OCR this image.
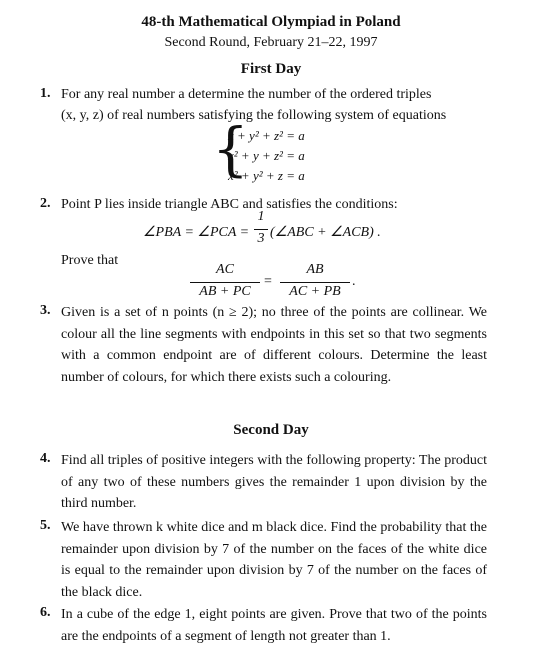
48-th Mathematical Olympiad in Poland
Second Round, February 21–22, 1997
First Day
1. For any real number a determine the number of the ordered triples
(x, y, z) of real numbers satisfying the following system of equations
{
x + y² + z² = a
x² + y + z² = a
x² + y² + z = a
2. Point P lies inside triangle ABC and satisfies the conditions:
∠PBA = ∠PCA =
1
3 (∠ABC + ∠ACB) .
Prove that
AC
AB + PC
=
AB
AC + PB
.
3. Given is a set of n points (n ≥ 2); no three of the points are collinear. We colour all the line segments with endpoints in this set so that two segments with a common endpoint are of different colours. Determine the least number of colours, for which there exists such a colouring.
Second Day
4. Find all triples of positive integers with the following property: The product of any two of these numbers gives the remainder 1 upon division by the third number.
5. We have thrown k white dice and m black dice. Find the probability that the remainder upon division by 7 of the number on the faces of the white dice is equal to the remainder upon division by 7 of the number on the faces of the black dice.
6. In a cube of the edge 1, eight points are given. Prove that two of the points are the endpoints of a segment of length not greater than 1.
